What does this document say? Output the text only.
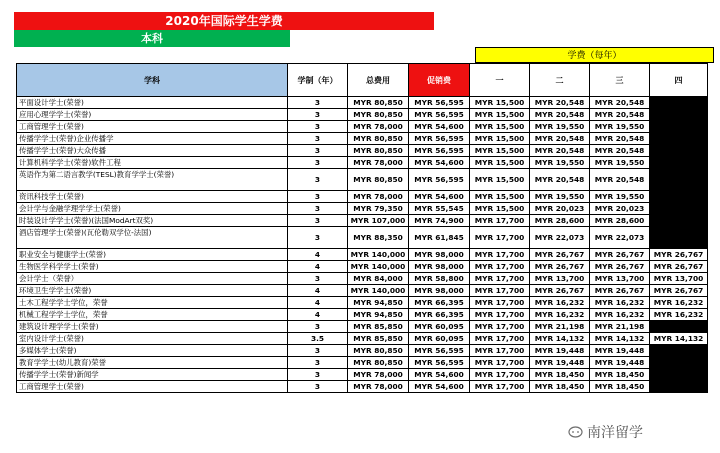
2020年国际学生学费
本科
学费（每年）
学科	学制（年）	总费用	促销费	一	二	三	四
平面设计学士(荣誉)	3	MYR 80,850	MYR 56,595	MYR 15,500	MYR 20,548	MYR 20,548	
应用心理学学士(荣誉)	3	MYR 80,850	MYR 56,595	MYR 15,500	MYR 20,548	MYR 20,548	
工商管理学士(荣誉)	3	MYR 78,000	MYR 54,600	MYR 15,500	MYR 19,550	MYR 19,550	
传播学学士(荣誉)企业传播学	3	MYR 80,850	MYR 56,595	MYR 15,500	MYR 20,548	MYR 20,548	
传播学学士(荣誉)大众传播	3	MYR 80,850	MYR 56,595	MYR 15,500	MYR 20,548	MYR 20,548	
计算机科学学士(荣誉)软件工程	3	MYR 78,000	MYR 54,600	MYR 15,500	MYR 19,550	MYR 19,550	
英语作为第二语言教学(TESL)教育学学士(荣誉)	3	MYR 80,850	MYR 56,595	MYR 15,500	MYR 20,548	MYR 20,548	
资讯科技学士(荣誉)	3	MYR 78,000	MYR 54,600	MYR 15,500	MYR 19,550	MYR 19,550	
会计学与金融学理学学士(荣誉)	3	MYR 79,350	MYR 55,545	MYR 15,500	MYR 20,023	MYR 20,023	
时装设计学学士(荣誉)(法国ModArt双奖)	3	MYR 107,000	MYR 74,900	MYR 17,700	MYR 28,600	MYR 28,600	
酒店管理学士(荣誉)(瓦伦勒双学位-法国)	3	MYR 88,350	MYR 61,845	MYR 17,700	MYR 22,073	MYR 22,073	
职业安全与健康学士(荣誉)	4	MYR 140,000	MYR 98,000	MYR 17,700	MYR 26,767	MYR 26,767	MYR 26,767
生物医学科学学士(荣誉)	4	MYR 140,000	MYR 98,000	MYR 17,700	MYR 26,767	MYR 26,767	MYR 26,767
会计学士（荣誉）	3	MYR 84,000	MYR 58,800	MYR 17,700	MYR 13,700	MYR 13,700	MYR 13,700
环境卫生学学士(荣誉)	4	MYR 140,000	MYR 98,000	MYR 17,700	MYR 26,767	MYR 26,767	MYR 26,767
土木工程学学士学位，荣誉	4	MYR 94,850	MYR 66,395	MYR 17,700	MYR 16,232	MYR 16,232	MYR 16,232
机械工程学学士学位，荣誉	4	MYR 94,850	MYR 66,395	MYR 17,700	MYR 16,232	MYR 16,232	MYR 16,232
建筑设计理学学士(荣誉)	3	MYR 85,850	MYR 60,095	MYR 17,700	MYR 21,198	MYR 21,198	
室内设计学士(荣誉)	3.5	MYR 85,850	MYR 60,095	MYR 17,700	MYR 14,132	MYR 14,132	MYR 14,132
多媒体学士(荣誉)	3	MYR 80,850	MYR 56,595	MYR 17,700	MYR 19,448	MYR 19,448	
教育学学士(幼儿教育)荣誉	3	MYR 80,850	MYR 56,595	MYR 17,700	MYR 19,448	MYR 19,448	
传播学学士(荣誉)新闻学	3	MYR 78,000	MYR 54,600	MYR 17,700	MYR 18,450	MYR 18,450	
工商管理学士(荣誉)	3	MYR 78,000	MYR 54,600	MYR 17,700	MYR 18,450	MYR 18,450	
南洋留学
